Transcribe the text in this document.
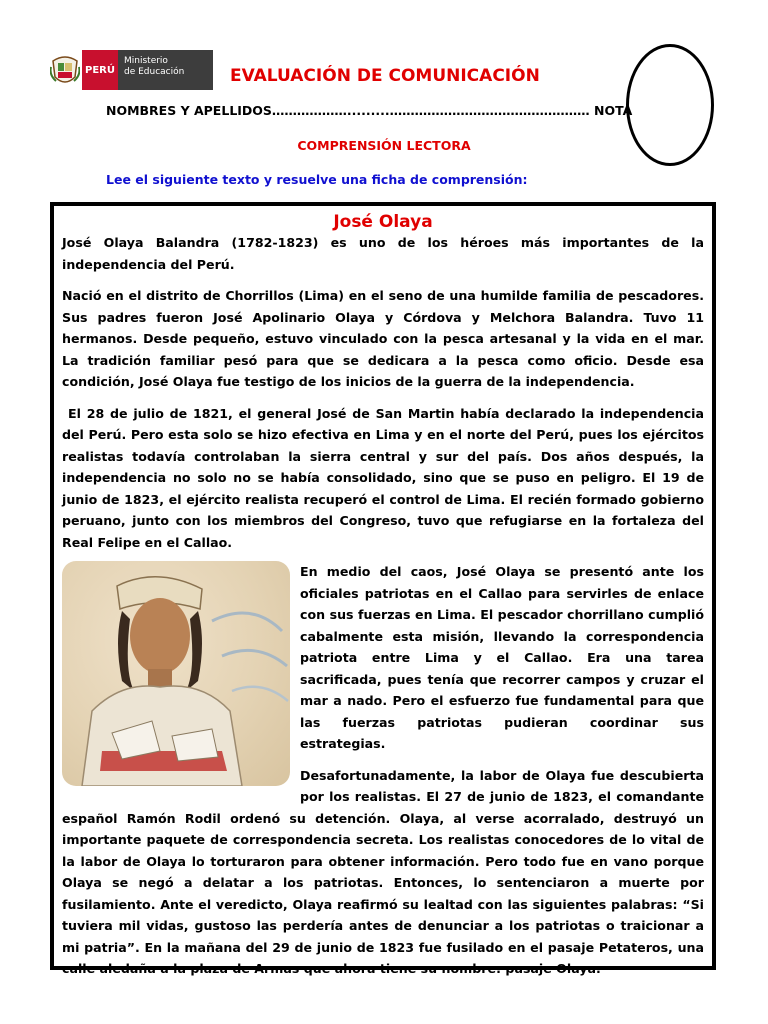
PERÚ
Ministerio
de Educación	EVALUACIÓN DE COMUNICACIÓN
NOMBRES Y APELLIDOS……………….........………………………………………… NOTA
COMPRENSIÓN LECTORA
Lee el siguiente texto y resuelve una ficha de comprensión:
José Olaya

José Olaya Balandra (1782-1823) es uno de los héroes más importantes de la independencia del Perú.

Nació en el distrito de Chorrillos (Lima) en el seno de una humilde familia de pescadores. Sus padres fueron José Apolinario Olaya y Córdova y Melchora Balandra. Tuvo 11 hermanos. Desde pequeño, estuvo vinculado con la pesca artesanal y la vida en el mar. La tradición familiar pesó para que se dedicara a la pesca como oficio. Desde esa condición, José Olaya fue testigo de los inicios de la guerra de la independencia.

El 28 de julio de 1821, el general José de San Martin había declarado la independencia del Perú. Pero esta solo se hizo efectiva en Lima y en el norte del Perú, pues los ejércitos realistas todavía controlaban la sierra central y sur del país. Dos años después, la independencia no solo no se había consolidado, sino que se puso en peligro. El 19 de junio de 1823, el ejército realista recuperó el control de Lima. El recién formado gobierno peruano, junto con los miembros del Congreso, tuvo que refugiarse en la fortaleza del Real Felipe en el Callao.

En medio del caos, José Olaya se presentó ante los oficiales patriotas en el Callao para servirles de enlace con sus fuerzas en Lima. El pescador chorrillano cumplió cabalmente esta misión, llevando la correspondencia patriota entre Lima y el Callao. Era una tarea sacrificada, pues tenía que recorrer campos y cruzar el mar a nado. Pero el esfuerzo fue fundamental para que las fuerzas patriotas pudieran coordinar sus estrategias.

Desafortunadamente, la labor de Olaya fue descubierta por los realistas. El 27 de junio de 1823, el comandante español Ramón Rodil ordenó su detención. Olaya, al verse acorralado, destruyó un importante paquete de correspondencia secreta. Los realistas conocedores de lo vital de la labor de Olaya lo torturaron para obtener información. Pero todo fue en vano porque Olaya se negó a delatar a los patriotas. Entonces, lo sentenciaron a muerte por fusilamiento. Ante el veredicto, Olaya reafirmó su lealtad con las siguientes palabras: “Si tuviera mil vidas, gustoso las perdería antes de denunciar a los patriotas o traicionar a mi patria”. En la mañana del 29 de junio de 1823 fue fusilado en el pasaje Petateros, una calle aledaña a la plaza de Armas que ahora tiene su nombre: pasaje Olaya.
